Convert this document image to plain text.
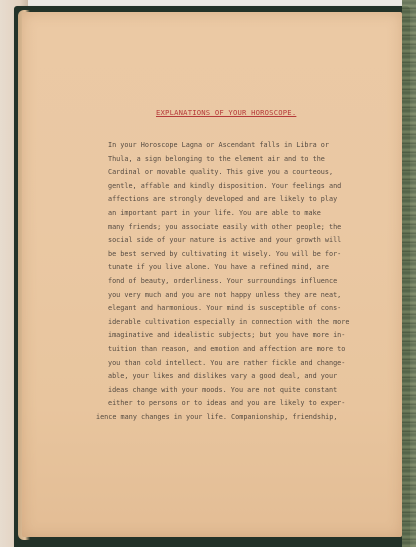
EXPLANATIONS OF YOUR HOROSCOPE.
In your Horoscope Lagna or Ascendant falls in Libra or
Thula, a sign belonging to the element air and to the
Cardinal or movable quality. This give you a courteous,
gentle, affable and kindly disposition. Your feelings and
affections are strongly developed and are likely to play
an important part in your life. You are able to make
many friends; you associate easily with other people; the
social side of your nature is active and your growth will
be best served by cultivating it wisely. You will be for-
tunate if you live alone. You have a refined mind, are
fond of beauty, orderliness. Your surroundings influence
you very much and you are not happy unless they are neat,
elegant and harmonious. Your mind is susceptible of cons-
iderable cultivation especially in connection with the more
imaginative and idealistic subjects; but you have more in-
tuition than reason, and emotion and affection are more to
you than cold intellect. You are rather fickle and change-
able, your likes and dislikes vary a good deal, and your
ideas change with your moods. You are not quite constant
either to persons or to ideas and you are likely to exper-
ience many changes in your life. Companionship, friendship,
